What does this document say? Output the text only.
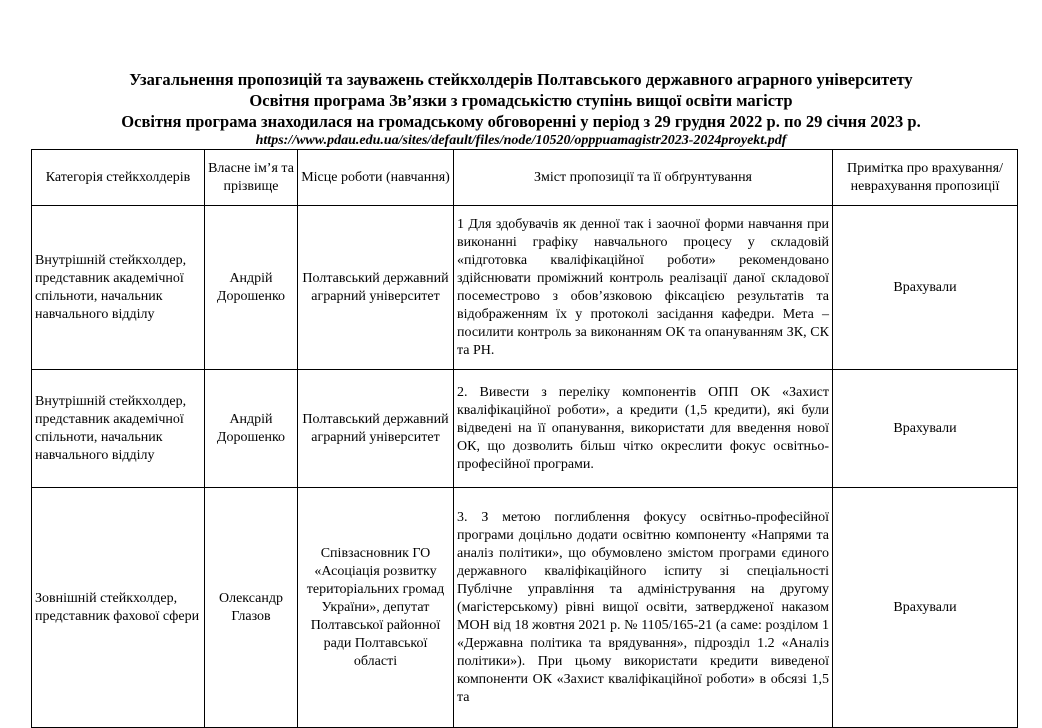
Узагальнення пропозицій та зауважень стейкхолдерів Полтавського державного аграрного університету
Освітня програма Зв’язки з громадськістю ступінь вищої освіти магістр
Освітня програма знаходилася на громадському обговоренні у період з 29 грудня 2022 р. по 29 січня 2023 р.
https://www.pdau.edu.ua/sites/default/files/node/10520/opppuamagistr2023-2024proyekt.pdf
Категорія стейкхолдерів	Власне ім’я та прізвище	Місце роботи (навчання)	Зміст пропозиції та її обґрунтування	Примітка про врахування/неврахування пропозиції
Внутрішній стейкхолдер, представник академічної спільноти, начальник навчального відділу	Андрій Дорошенко	Полтавський державний аграрний університет	1 Для здобувачів як денної так і заочної форми навчання при виконанні графіку навчального процесу у складовій «підготовка кваліфікаційної роботи» рекомендовано здійснювати проміжний контроль реалізації даної складової посеместрово з обов’язковою фіксацією результатів та відображенням їх у протоколі засідання кафедри. Мета – посилити контроль за виконанням ОК та опануванням ЗК, СК та РН.	Врахували
Внутрішній стейкхолдер, представник академічної спільноти, начальник навчального відділу	Андрій Дорошенко	Полтавський державний аграрний університет	2. Вивести з переліку компонентів ОПП ОК «Захист кваліфікаційної роботи», а кредити (1,5 кредити), які були відведені на її опанування, використати для введення нової ОК, що дозволить більш чітко окреслити фокус освітньо-професійної програми.	Врахували
Зовнішній стейкхолдер, представник фахової сфери	Олександр Глазов	Співзасновник ГО «Асоціація розвитку територіальних громад України», депутат Полтавської районної ради Полтавської області	3. З метою поглиблення фокусу освітньо-професійної програми доцільно додати освітню компоненту «Напрями та аналіз політики», що обумовлено змістом програми єдиного державного кваліфікаційного іспиту зі спеціальності Публічне управління та адміністрування на другому (магістерському) рівні вищої освіти, затвердженої наказом МОН від 18 жовтня 2021 р. № 1105/165-21 (а саме: розділом 1 «Державна політика та врядування», підрозділ 1.2 «Аналіз політики»). При цьому використати кредити виведеної компоненти ОК «Захист кваліфікаційної роботи» в обсязі 1,5 та	Врахували
